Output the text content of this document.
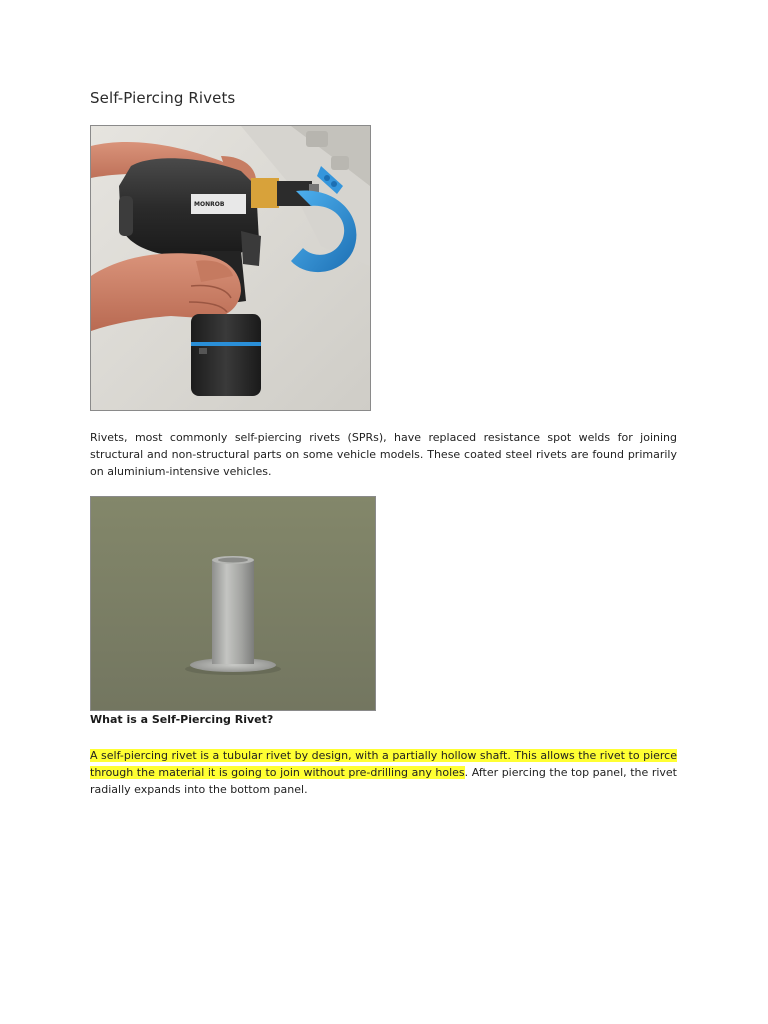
Self-Piercing Rivets
MONROB

Rivets, most commonly self-piercing rivets (SPRs), have replaced resistance spot welds for joining structural and non-structural parts on some vehicle models. These coated steel rivets are found primarily on aluminium-intensive vehicles.

What is a Self-Piercing Rivet?

A self-piercing rivet is a tubular rivet by design, with a partially hollow shaft. This allows the rivet to pierce through the material it is going to join without pre-drilling any holes. After piercing the top panel, the rivet radially expands into the bottom panel.
